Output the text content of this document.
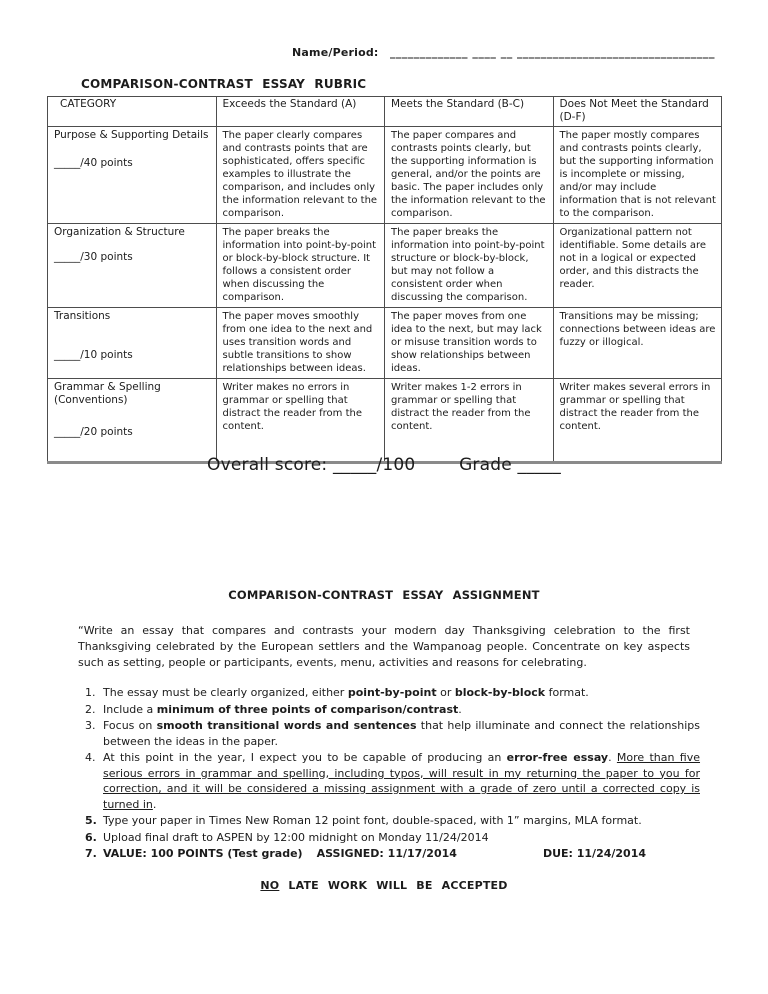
Name/Period: _____________ ____ __ _________________________________
COMPARISON-CONTRAST ESSAY RUBRIC
CATEGORY	Exceeds the Standard (A)	Meets the Standard (B-C)	Does Not Meet the Standard (D-F)

Purpose & Supporting Details
_____/40 points	The paper clearly compares and contrasts points that are sophisticated, offers specific examples to illustrate the comparison, and includes only the information relevant to the comparison.	The paper compares and contrasts points clearly, but the supporting information is general, and/or the points are basic. The paper includes only the information relevant to the comparison.	The paper mostly compares and contrasts points clearly, but the supporting information is incomplete or missing, and/or may include information that is not relevant to the comparison.

Organization & Structure
_____/30 points	The paper breaks the information into point-by-point or block-by-block structure. It follows a consistent order when discussing the comparison.	The paper breaks the information into point-by-point structure or block-by-block, but may not follow a consistent order when discussing the comparison.	Organizational pattern not identifiable. Some details are not in a logical or expected order, and this distracts the reader.

Transitions
_____/10 points	The paper moves smoothly from one idea to the next and uses transition words and subtle transitions to show relationships between ideas.	The paper moves from one idea to the next, but may lack or misuse transition words to show relationships between ideas.	Transitions may be missing; connections between ideas are fuzzy or illogical.

Grammar & Spelling (Conventions)
_____/20 points	Writer makes no errors in grammar or spelling that distract the reader from the content.	Writer makes 1-2 errors in grammar or spelling that distract the reader from the content.	Writer makes several errors in grammar or spelling that distract the reader from the content.
Overall score: _____/100	Grade _____
COMPARISON-CONTRAST ESSAY ASSIGNMENT

“Write an essay that compares and contrasts your modern day Thanksgiving celebration to the first Thanksgiving celebrated by the European settlers and the Wampanoag people. Concentrate on key aspects such as setting, people or participants, events, menu, activities and reasons for celebrating.

1. The essay must be clearly organized, either point-by-point or block-by-block format.
2. Include a minimum of three points of comparison/contrast.
3. Focus on smooth transitional words and sentences that help illuminate and connect the relationships between the ideas in the paper.
4. At this point in the year, I expect you to be capable of producing an error-free essay. More than five serious errors in grammar and spelling, including typos, will result in my returning the paper to you for correction, and it will be considered a missing assignment with a grade of zero until a corrected copy is turned in.
5. Type your paper in Times New Roman 12 point font, double-spaced, with 1” margins, MLA format.
6. Upload final draft to ASPEN by 12:00 midnight on Monday 11/24/2014
7. VALUE: 100 POINTS (Test grade) ASSIGNED: 11/17/2014	DUE: 11/24/2014
NO LATE WORK WILL BE ACCEPTED
